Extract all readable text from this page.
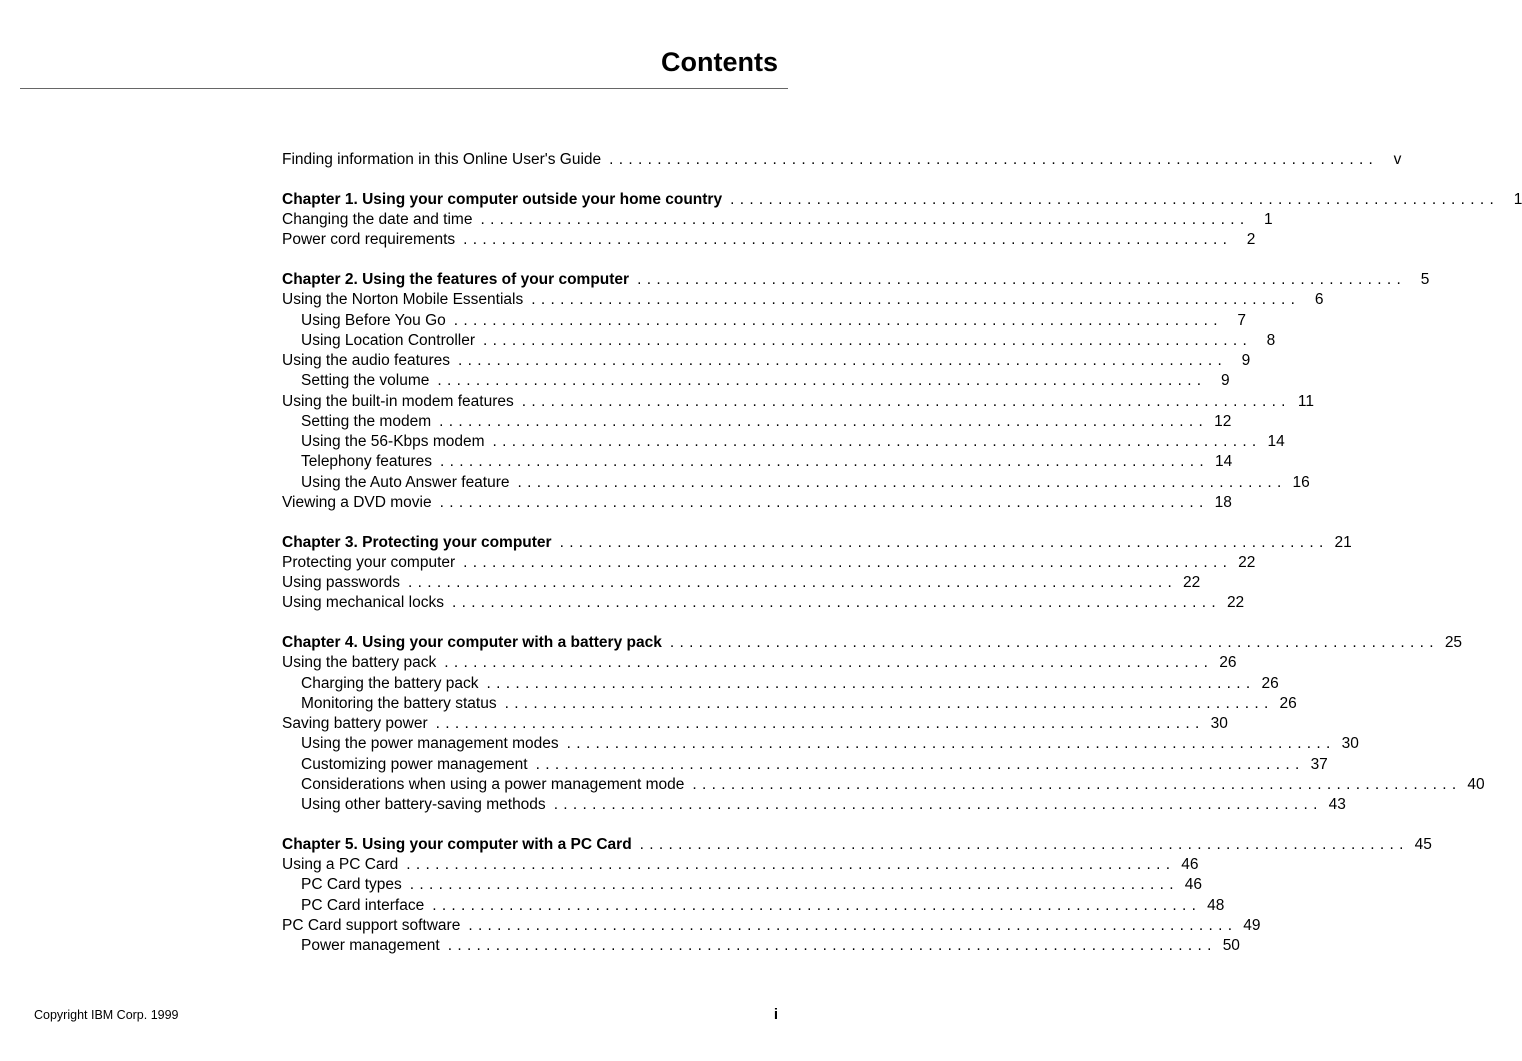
Contents
Finding information in this Online User's Guide . . . . . . . . . . . . . . . . . . . . . . . . . . . . . . . . . . . . . . . . . . . . . . . . . . . . . . . . . . . . . . . . . . . . . . . . . . . . . . . .	v
Chapter 1. Using your computer outside your home country . . . . . . . . . . . . . . . . . . . . . . . . . . . . . . . . . . . . . . . . . . . . . . . . . . . . . . . . . . . . . . . . . . . . . . . . . . . . . . . .	1
Changing the date and time . . . . . . . . . . . . . . . . . . . . . . . . . . . . . . . . . . . . . . . . . . . . . . . . . . . . . . . . . . . . . . . . . . . . . . . . . . . . . . . .	1
Power cord requirements . . . . . . . . . . . . . . . . . . . . . . . . . . . . . . . . . . . . . . . . . . . . . . . . . . . . . . . . . . . . . . . . . . . . . . . . . . . . . . . .	2
Chapter 2. Using the features of your computer . . . . . . . . . . . . . . . . . . . . . . . . . . . . . . . . . . . . . . . . . . . . . . . . . . . . . . . . . . . . . . . . . . . . . . . . . . . . . . . .	5
Using the Norton Mobile Essentials . . . . . . . . . . . . . . . . . . . . . . . . . . . . . . . . . . . . . . . . . . . . . . . . . . . . . . . . . . . . . . . . . . . . . . . . . . . . . . . .	6
Using Before You Go . . . . . . . . . . . . . . . . . . . . . . . . . . . . . . . . . . . . . . . . . . . . . . . . . . . . . . . . . . . . . . . . . . . . . . . . . . . . . . . .	7
Using Location Controller . . . . . . . . . . . . . . . . . . . . . . . . . . . . . . . . . . . . . . . . . . . . . . . . . . . . . . . . . . . . . . . . . . . . . . . . . . . . . . . .	8
Using the audio features . . . . . . . . . . . . . . . . . . . . . . . . . . . . . . . . . . . . . . . . . . . . . . . . . . . . . . . . . . . . . . . . . . . . . . . . . . . . . . . .	9
Setting the volume . . . . . . . . . . . . . . . . . . . . . . . . . . . . . . . . . . . . . . . . . . . . . . . . . . . . . . . . . . . . . . . . . . . . . . . . . . . . . . . .	9
Using the built-in modem features . . . . . . . . . . . . . . . . . . . . . . . . . . . . . . . . . . . . . . . . . . . . . . . . . . . . . . . . . . . . . . . . . . . . . . . . . . . . . . . . 11
Setting the modem . . . . . . . . . . . . . . . . . . . . . . . . . . . . . . . . . . . . . . . . . . . . . . . . . . . . . . . . . . . . . . . . . . . . . . . . . . . . . . . . 12
Using the 56-Kbps modem . . . . . . . . . . . . . . . . . . . . . . . . . . . . . . . . . . . . . . . . . . . . . . . . . . . . . . . . . . . . . . . . . . . . . . . . . . . . . . . . 14
Telephony features . . . . . . . . . . . . . . . . . . . . . . . . . . . . . . . . . . . . . . . . . . . . . . . . . . . . . . . . . . . . . . . . . . . . . . . . . . . . . . . . 14
Using the Auto Answer feature . . . . . . . . . . . . . . . . . . . . . . . . . . . . . . . . . . . . . . . . . . . . . . . . . . . . . . . . . . . . . . . . . . . . . . . . . . . . . . . . 16
Viewing a DVD movie . . . . . . . . . . . . . . . . . . . . . . . . . . . . . . . . . . . . . . . . . . . . . . . . . . . . . . . . . . . . . . . . . . . . . . . . . . . . . . . . 18
Chapter 3. Protecting your computer . . . . . . . . . . . . . . . . . . . . . . . . . . . . . . . . . . . . . . . . . . . . . . . . . . . . . . . . . . . . . . . . . . . . . . . . . . . . . . . . 21
Protecting your computer . . . . . . . . . . . . . . . . . . . . . . . . . . . . . . . . . . . . . . . . . . . . . . . . . . . . . . . . . . . . . . . . . . . . . . . . . . . . . . . . 22
Using passwords . . . . . . . . . . . . . . . . . . . . . . . . . . . . . . . . . . . . . . . . . . . . . . . . . . . . . . . . . . . . . . . . . . . . . . . . . . . . . . . . 22
Using mechanical locks . . . . . . . . . . . . . . . . . . . . . . . . . . . . . . . . . . . . . . . . . . . . . . . . . . . . . . . . . . . . . . . . . . . . . . . . . . . . . . . . 22
Chapter 4. Using your computer with a battery pack . . . . . . . . . . . . . . . . . . . . . . . . . . . . . . . . . . . . . . . . . . . . . . . . . . . . . . . . . . . . . . . . . . . . . . . . . . . . . . . . 25
Using the battery pack . . . . . . . . . . . . . . . . . . . . . . . . . . . . . . . . . . . . . . . . . . . . . . . . . . . . . . . . . . . . . . . . . . . . . . . . . . . . . . . . 26
Charging the battery pack . . . . . . . . . . . . . . . . . . . . . . . . . . . . . . . . . . . . . . . . . . . . . . . . . . . . . . . . . . . . . . . . . . . . . . . . . . . . . . . . 26
Monitoring the battery status . . . . . . . . . . . . . . . . . . . . . . . . . . . . . . . . . . . . . . . . . . . . . . . . . . . . . . . . . . . . . . . . . . . . . . . . . . . . . . . . 26
Saving battery power . . . . . . . . . . . . . . . . . . . . . . . . . . . . . . . . . . . . . . . . . . . . . . . . . . . . . . . . . . . . . . . . . . . . . . . . . . . . . . . . 30
Using the power management modes . . . . . . . . . . . . . . . . . . . . . . . . . . . . . . . . . . . . . . . . . . . . . . . . . . . . . . . . . . . . . . . . . . . . . . . . . . . . . . . . 30
Customizing power management . . . . . . . . . . . . . . . . . . . . . . . . . . . . . . . . . . . . . . . . . . . . . . . . . . . . . . . . . . . . . . . . . . . . . . . . . . . . . . . . 37
Considerations when using a power management mode . . . . . . . . . . . . . . . . . . . . . . . . . . . . . . . . . . . . . . . . . . . . . . . . . . . . . . . . . . . . . . . . . . . . . . . . . . . . . . . . 40
Using other battery-saving methods . . . . . . . . . . . . . . . . . . . . . . . . . . . . . . . . . . . . . . . . . . . . . . . . . . . . . . . . . . . . . . . . . . . . . . . . . . . . . . . . 43
Chapter 5. Using your computer with a PC Card . . . . . . . . . . . . . . . . . . . . . . . . . . . . . . . . . . . . . . . . . . . . . . . . . . . . . . . . . . . . . . . . . . . . . . . . . . . . . . . . 45
Using a PC Card . . . . . . . . . . . . . . . . . . . . . . . . . . . . . . . . . . . . . . . . . . . . . . . . . . . . . . . . . . . . . . . . . . . . . . . . . . . . . . . . 46
PC Card types . . . . . . . . . . . . . . . . . . . . . . . . . . . . . . . . . . . . . . . . . . . . . . . . . . . . . . . . . . . . . . . . . . . . . . . . . . . . . . . . 46
PC Card interface . . . . . . . . . . . . . . . . . . . . . . . . . . . . . . . . . . . . . . . . . . . . . . . . . . . . . . . . . . . . . . . . . . . . . . . . . . . . . . . . 48
PC Card support software . . . . . . . . . . . . . . . . . . . . . . . . . . . . . . . . . . . . . . . . . . . . . . . . . . . . . . . . . . . . . . . . . . . . . . . . . . . . . . . . 49
Power management . . . . . . . . . . . . . . . . . . . . . . . . . . . . . . . . . . . . . . . . . . . . . . . . . . . . . . . . . . . . . . . . . . . . . . . . . . . . . . . . 50
Copyright IBM Corp. 1999	i
